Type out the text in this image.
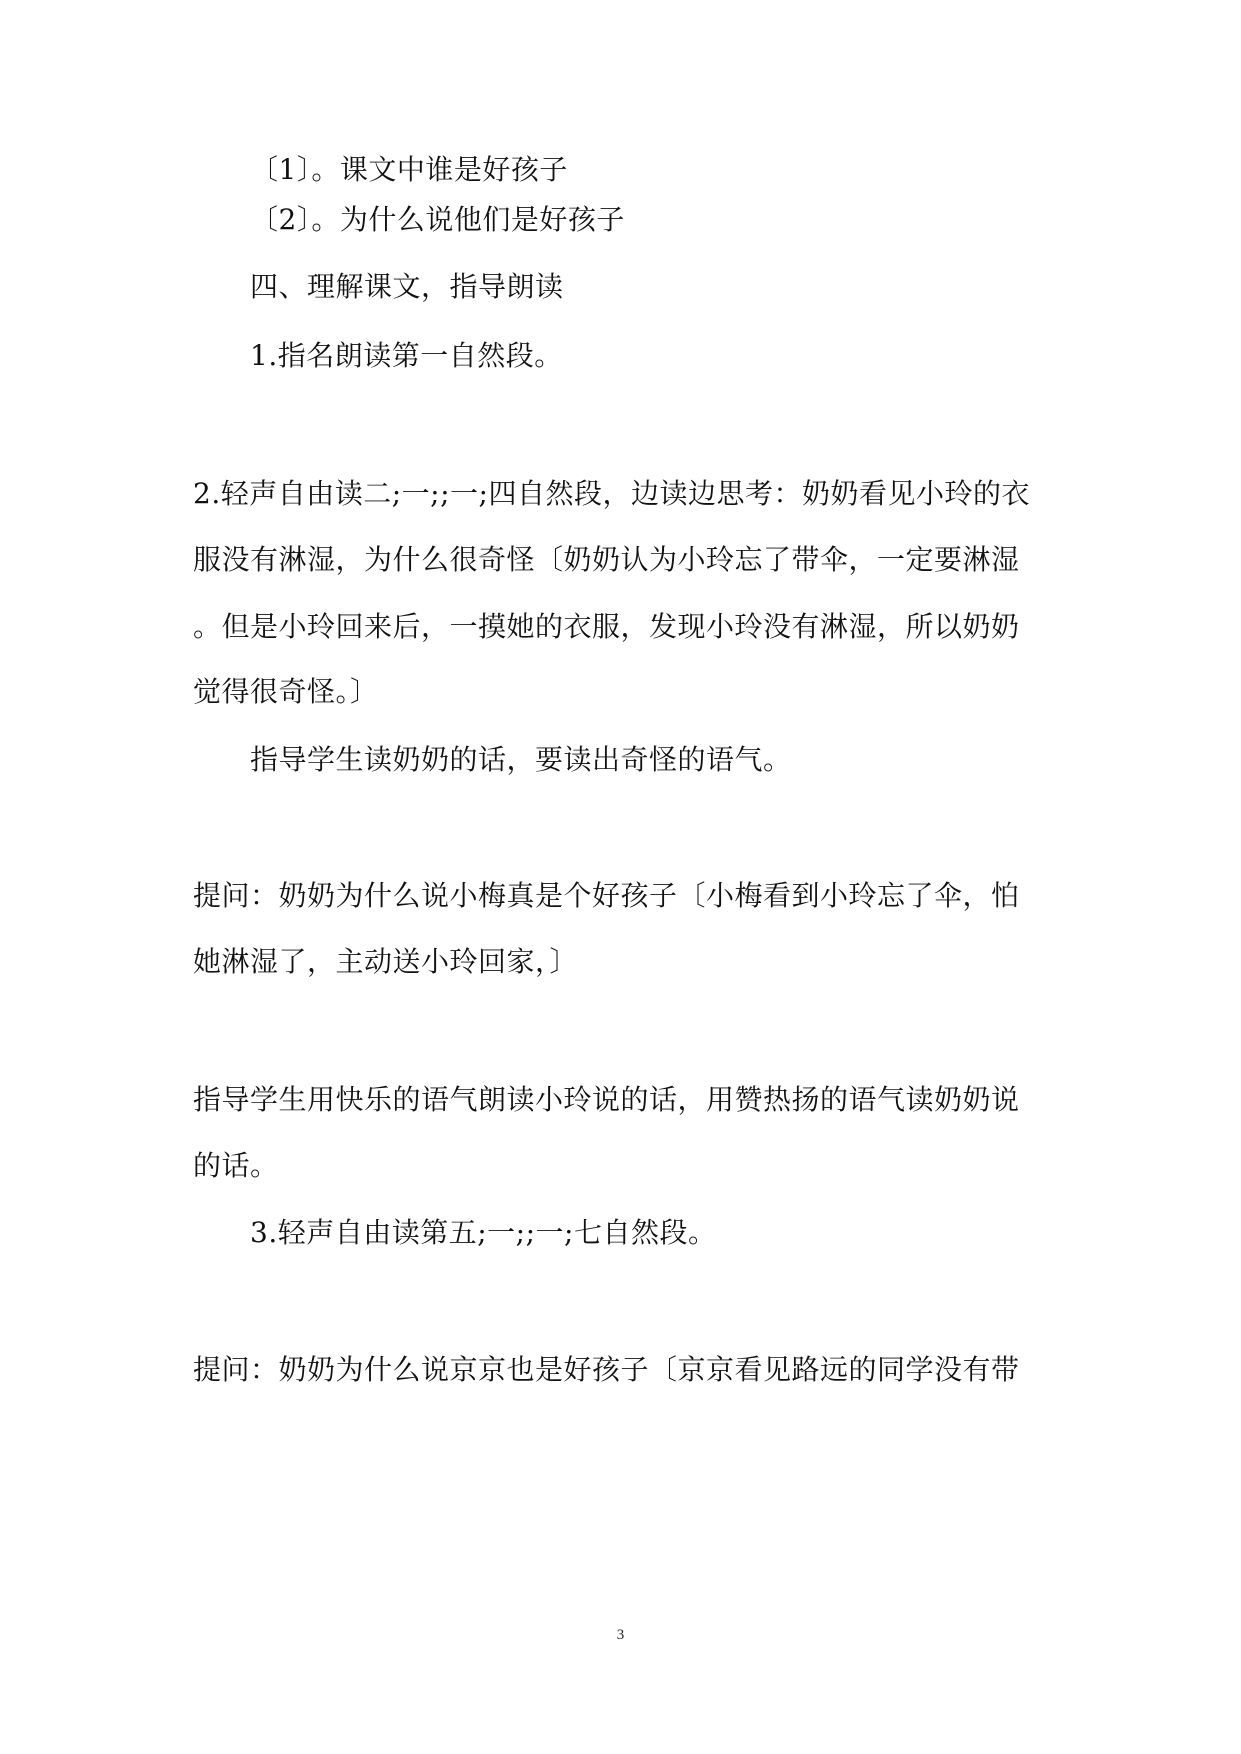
〔1〕。课文中谁是好孩子
〔2〕。为什么说他们是好孩子
四、理解课文，指导朗读
1.指名朗读第一自然段。
2.轻声自由读二;一;;一;四自然段，边读边思考：奶奶看见小玲的衣
服没有淋湿，为什么很奇怪〔奶奶认为小玲忘了带伞，一定要淋湿
。但是小玲回来后，一摸她的衣服，发现小玲没有淋湿，所以奶奶
觉得很奇怪。〕
指导学生读奶奶的话，要读出奇怪的语气。
提问：奶奶为什么说小梅真是个好孩子〔小梅看到小玲忘了伞，怕
她淋湿了，主动送小玲回家，〕
指导学生用快乐的语气朗读小玲说的话，用赞热扬的语气读奶奶说
的话。
3.轻声自由读第五;一;;一;七自然段。
提问：奶奶为什么说京京也是好孩子〔京京看见路远的同学没有带
3
